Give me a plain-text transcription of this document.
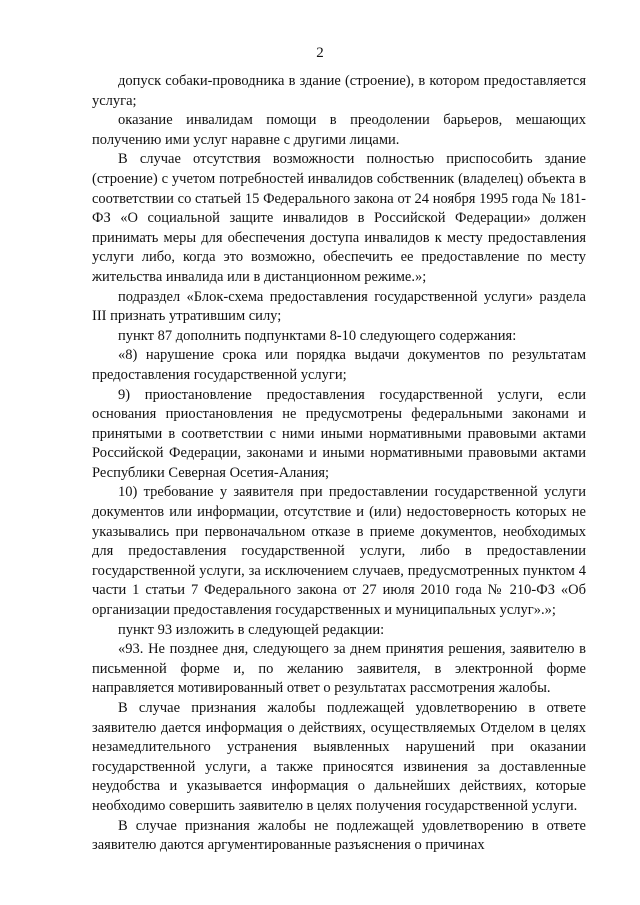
2

допуск собаки-проводника в здание (строение), в котором предоставляется услуга;

оказание инвалидам помощи в преодолении барьеров, мешающих получению ими услуг наравне с другими лицами.

В случае отсутствия возможности полностью приспособить здание (строение) с учетом потребностей инвалидов собственник (владелец) объекта в соответствии со статьей 15 Федерального закона от 24 ноября 1995 года № 181-ФЗ «О социальной защите инвалидов в Российской Федерации» должен принимать меры для обеспечения доступа инвалидов к месту предоставления услуги либо, когда это возможно, обеспечить ее предоставление по месту жительства инвалида или в дистанционном режиме.»;

подраздел «Блок-схема предоставления государственной услуги» раздела III признать утратившим силу;

пункт 87 дополнить подпунктами 8-10 следующего содержания:

«8) нарушение срока или порядка выдачи документов по результатам предоставления государственной услуги;

9) приостановление предоставления государственной услуги, если основания приостановления не предусмотрены федеральными законами и принятыми в соответствии с ними иными нормативными правовыми актами Российской Федерации, законами и иными нормативными правовыми актами Республики Северная Осетия-Алания;

10) требование у заявителя при предоставлении государственной услуги документов или информации, отсутствие и (или) недостоверность которых не указывались при первоначальном отказе в приеме документов, необходимых для предоставления государственной услуги, либо в предоставлении государственной услуги, за исключением случаев, предусмотренных пунктом 4 части 1 статьи 7 Федерального закона от 27 июля 2010 года № 210-ФЗ «Об организации предоставления государственных и муниципальных услуг».»;

пункт 93 изложить в следующей редакции:

«93. Не позднее дня, следующего за днем принятия решения, заявителю в письменной форме и, по желанию заявителя, в электронной форме направляется мотивированный ответ о результатах рассмотрения жалобы.

В случае признания жалобы подлежащей удовлетворению в ответе заявителю дается информация о действиях, осуществляемых Отделом в целях незамедлительного устранения выявленных нарушений при оказании государственной услуги, а также приносятся извинения за доставленные неудобства и указывается информация о дальнейших действиях, которые необходимо совершить заявителю в целях получения государственной услуги.

В случае признания жалобы не подлежащей удовлетворению в ответе заявителю даются аргументированные разъяснения о причинах
